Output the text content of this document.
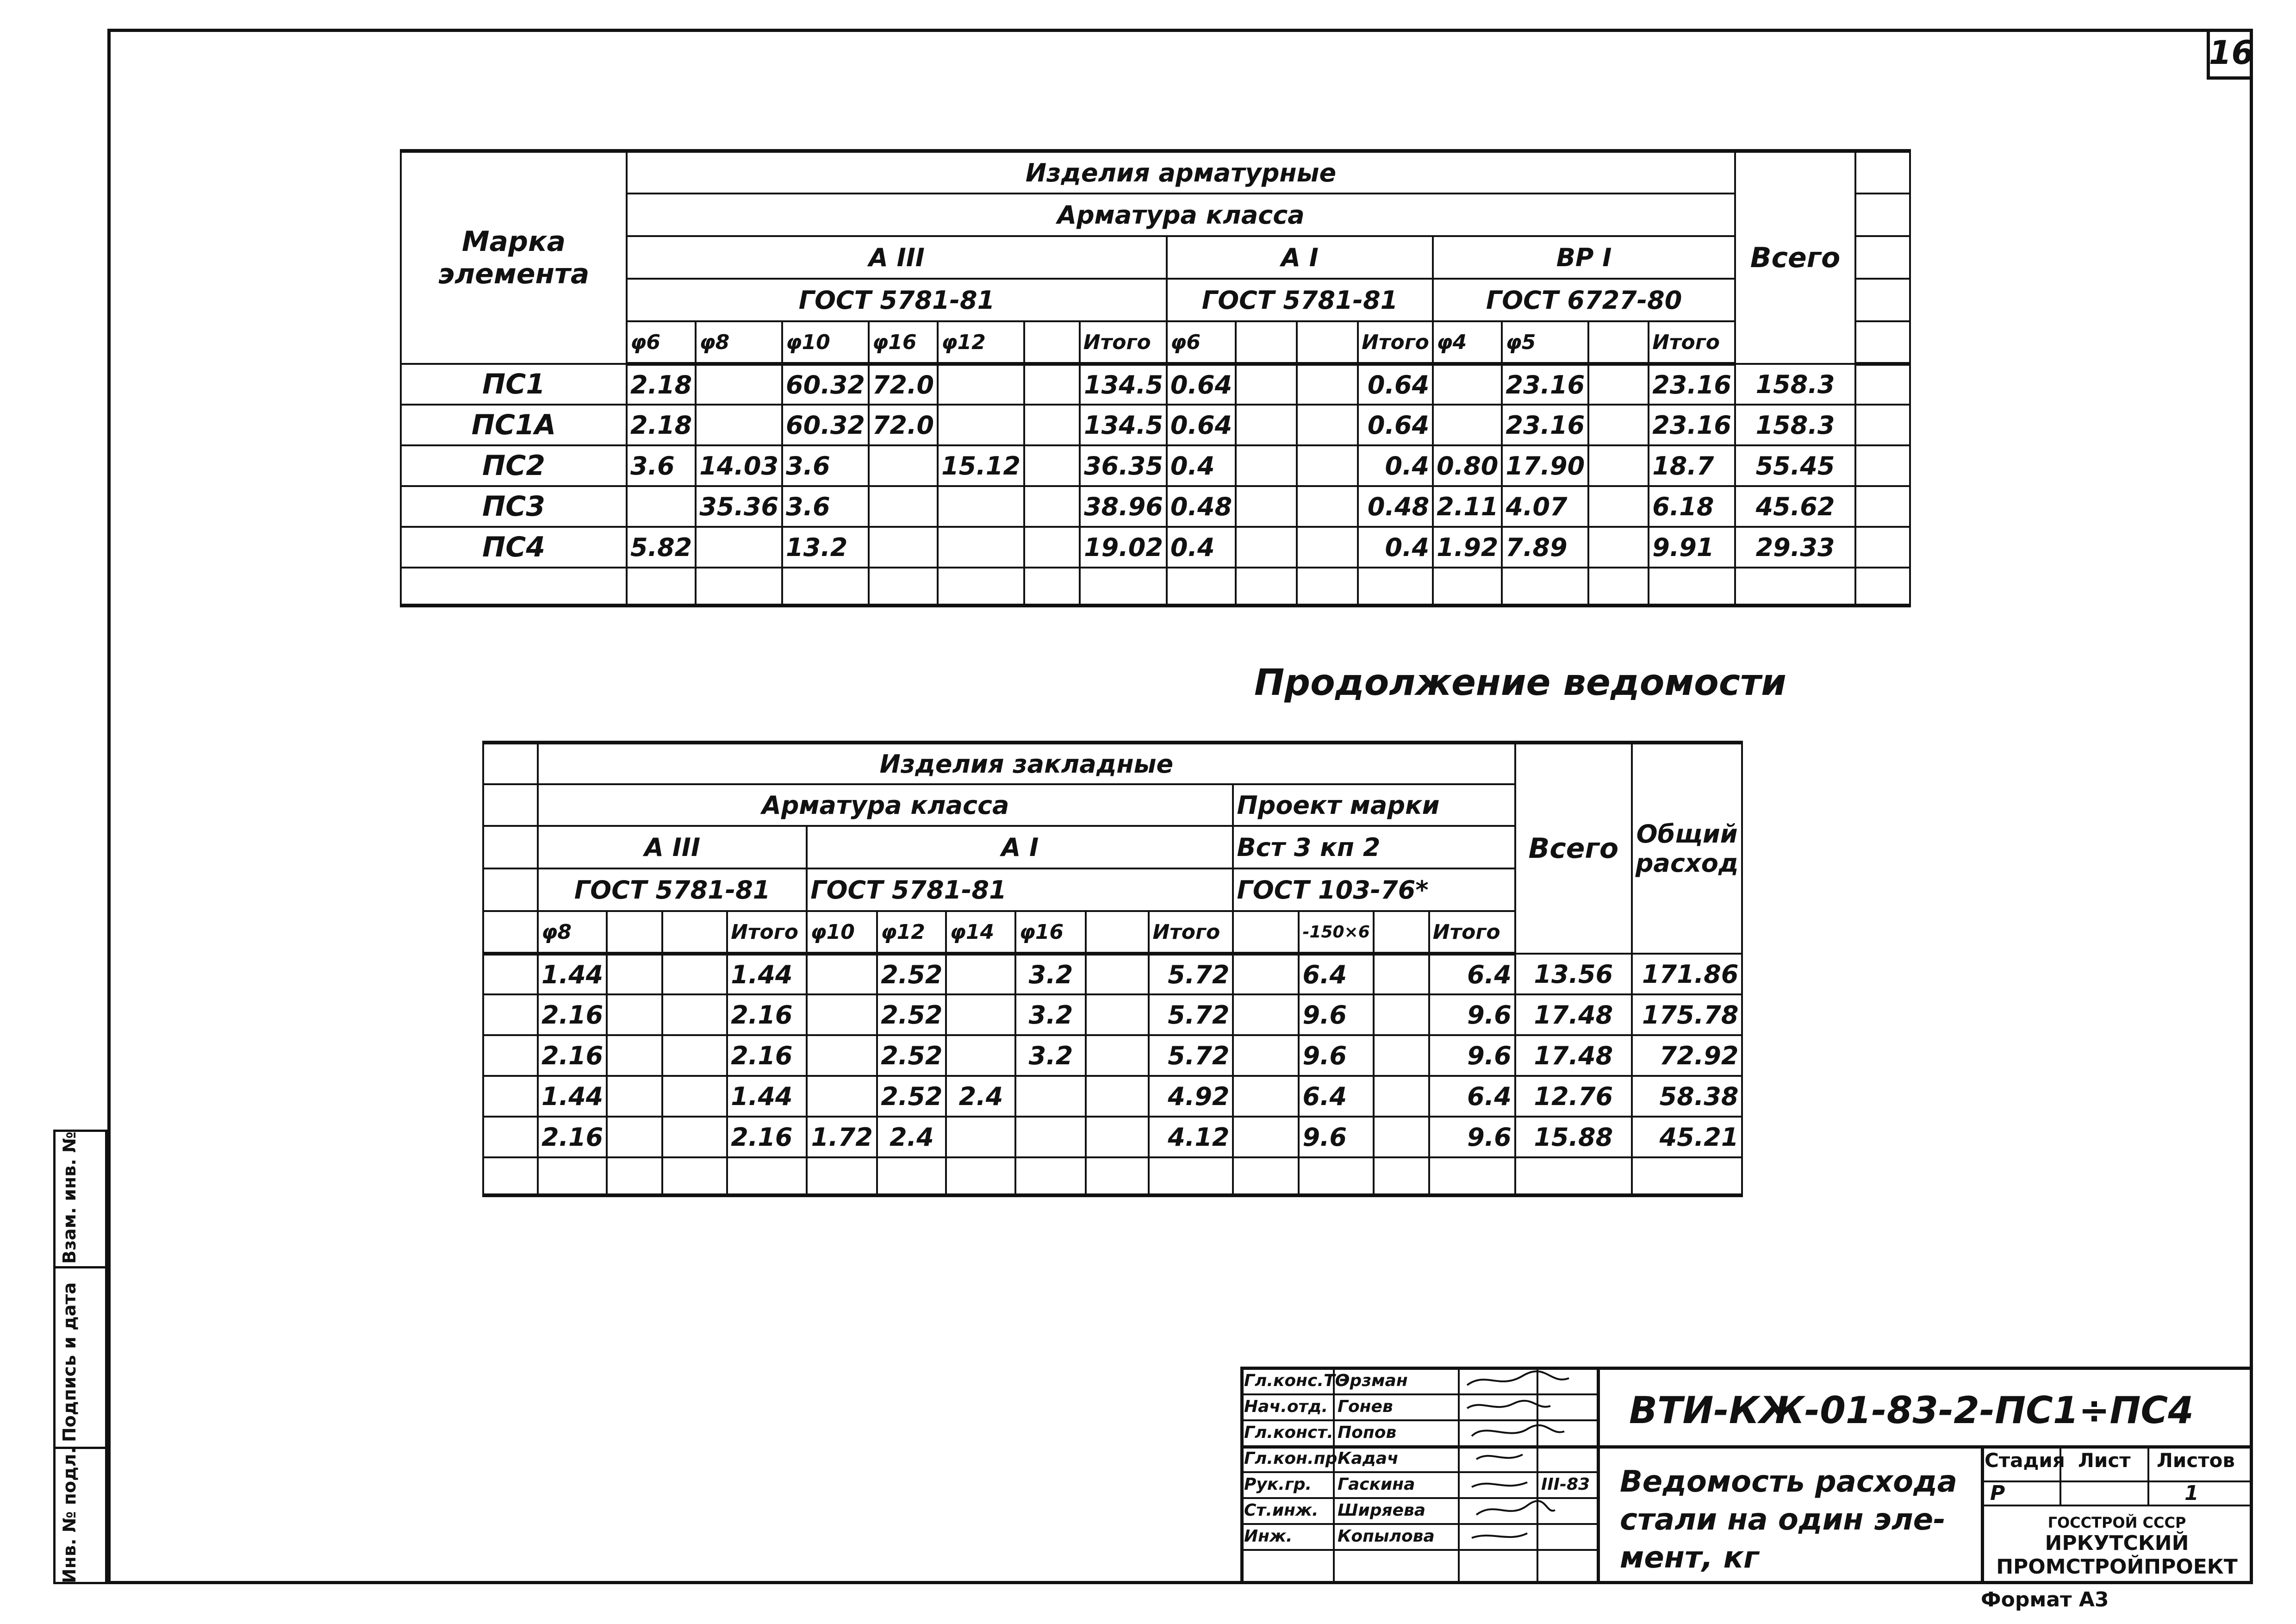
16
Взам. инв. №
Подпись и дата
Инв. № подл.
Марка элемента	Изделия арматурные															Всего	
	Арматура класса																
	А III							А I				ВР I					
	ГОСТ 5781-81							ГОСТ 5781-81				ГОСТ 6727-80					
	φ6	φ8	φ10	φ16	φ12		Итого	φ6			Итого	φ4	φ5		Итого		
ПС1	2.18		60.32	72.0			134.5	0.64			0.64		23.16		23.16	158.3	
ПС1А	2.18		60.32	72.0			134.5	0.64			0.64		23.16		23.16	158.3	
ПС2	3.6	14.03	3.6		15.12		36.35	0.4			0.4	0.80	17.90		18.7	55.45	
ПС3		35.36	3.6				38.96	0.48			0.48	2.11	4.07		6.18	45.62	
ПС4	5.82		13.2				19.02	0.4			0.4	1.92	7.89		9.91	29.33	

Продолжение ведомости
	Изделия закладные														Всего	Общий расход
	Арматура класса										Проект марки					
	А III				А I						Вст 3 кп 2					
	ГОСТ 5781-81				ГОСТ 5781-81						ГОСТ 103-76*					
	φ8			Итого	φ10	φ12	φ14	φ16		Итого		-150×6		Итого		
	1.44			1.44		2.52		3.2		5.72		6.4		6.4	13.56	171.86
	2.16			2.16		2.52		3.2		5.72		9.6		9.6	17.48	175.78
	2.16			2.16		2.52		3.2		5.72		9.6		9.6	17.48	72.92
	1.44			1.44		2.52	2.4			4.92		6.4		6.4	12.76	58.38
	2.16			2.16	1.72	2.4				4.12		9.6		9.6	15.88	45.21

Гл.конс.ТО
Эрзман
Нач.отд. Гонев
Гл.конст. Попов
Гл.кон.пр.
Кадач
Рук.гр. Гаскина	III-83
Ст.инж. Ширяева
Инж.	Копылова
ВТИ-КЖ-01-83-2-ПС1÷ПС4
Ведомость расхода
стали на один эле-
мент, кг
Стадия Лист Листов
Р	1
ГОССТРОЙ СССР
ИРКУТСКИЙ
ПРОМСТРОЙПРОЕКТ
Формат А3
